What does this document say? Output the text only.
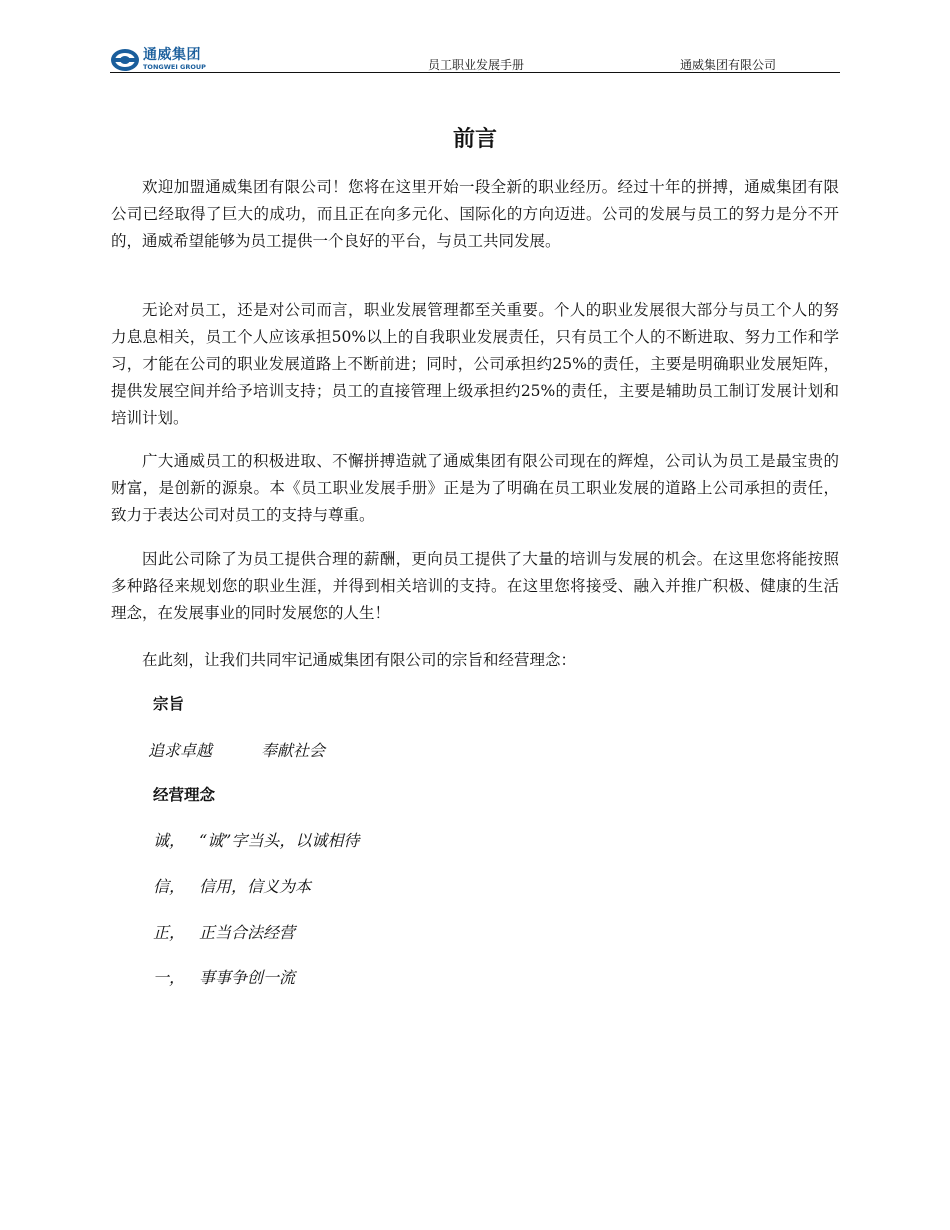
通威集团
TONGWEI GROUP	员工职业发展手册	通威集团有限公司
前言

欢迎加盟通威集团有限公司！您将在这里开始一段全新的职业经历。经过十年的拼搏，通威集团有限公司已经取得了巨大的成功，而且正在向多元化、国际化的方向迈进。公司的发展与员工的努力是分不开的，通威希望能够为员工提供一个良好的平台，与员工共同发展。

无论对员工，还是对公司而言，职业发展管理都至关重要。个人的职业发展很大部分与员工个人的努力息息相关，员工个人应该承担50%以上的自我职业发展责任，只有员工个人的不断进取、努力工作和学习，才能在公司的职业发展道路上不断前进；同时，公司承担约25%的责任，主要是明确职业发展矩阵，提供发展空间并给予培训支持；员工的直接管理上级承担约25%的责任，主要是辅助员工制订发展计划和培训计划。

广大通威员工的积极进取、不懈拼搏造就了通威集团有限公司现在的辉煌，公司认为员工是最宝贵的财富，是创新的源泉。本《员工职业发展手册》正是为了明确在员工职业发展的道路上公司承担的责任，致力于表达公司对员工的支持与尊重。

因此公司除了为员工提供合理的薪酬，更向员工提供了大量的培训与发展的机会。在这里您将能按照多种路径来规划您的职业生涯，并得到相关培训的支持。在这里您将接受、融入并推广积极、健康的生活理念，在发展事业的同时发展您的人生！

在此刻，让我们共同牢记通威集团有限公司的宗旨和经营理念：

宗旨
追求卓越	奉献社会
经营理念
诚， “诚”字当头，以诚相待
信， 信用，信义为本
正， 正当合法经营
一， 事事争创一流
